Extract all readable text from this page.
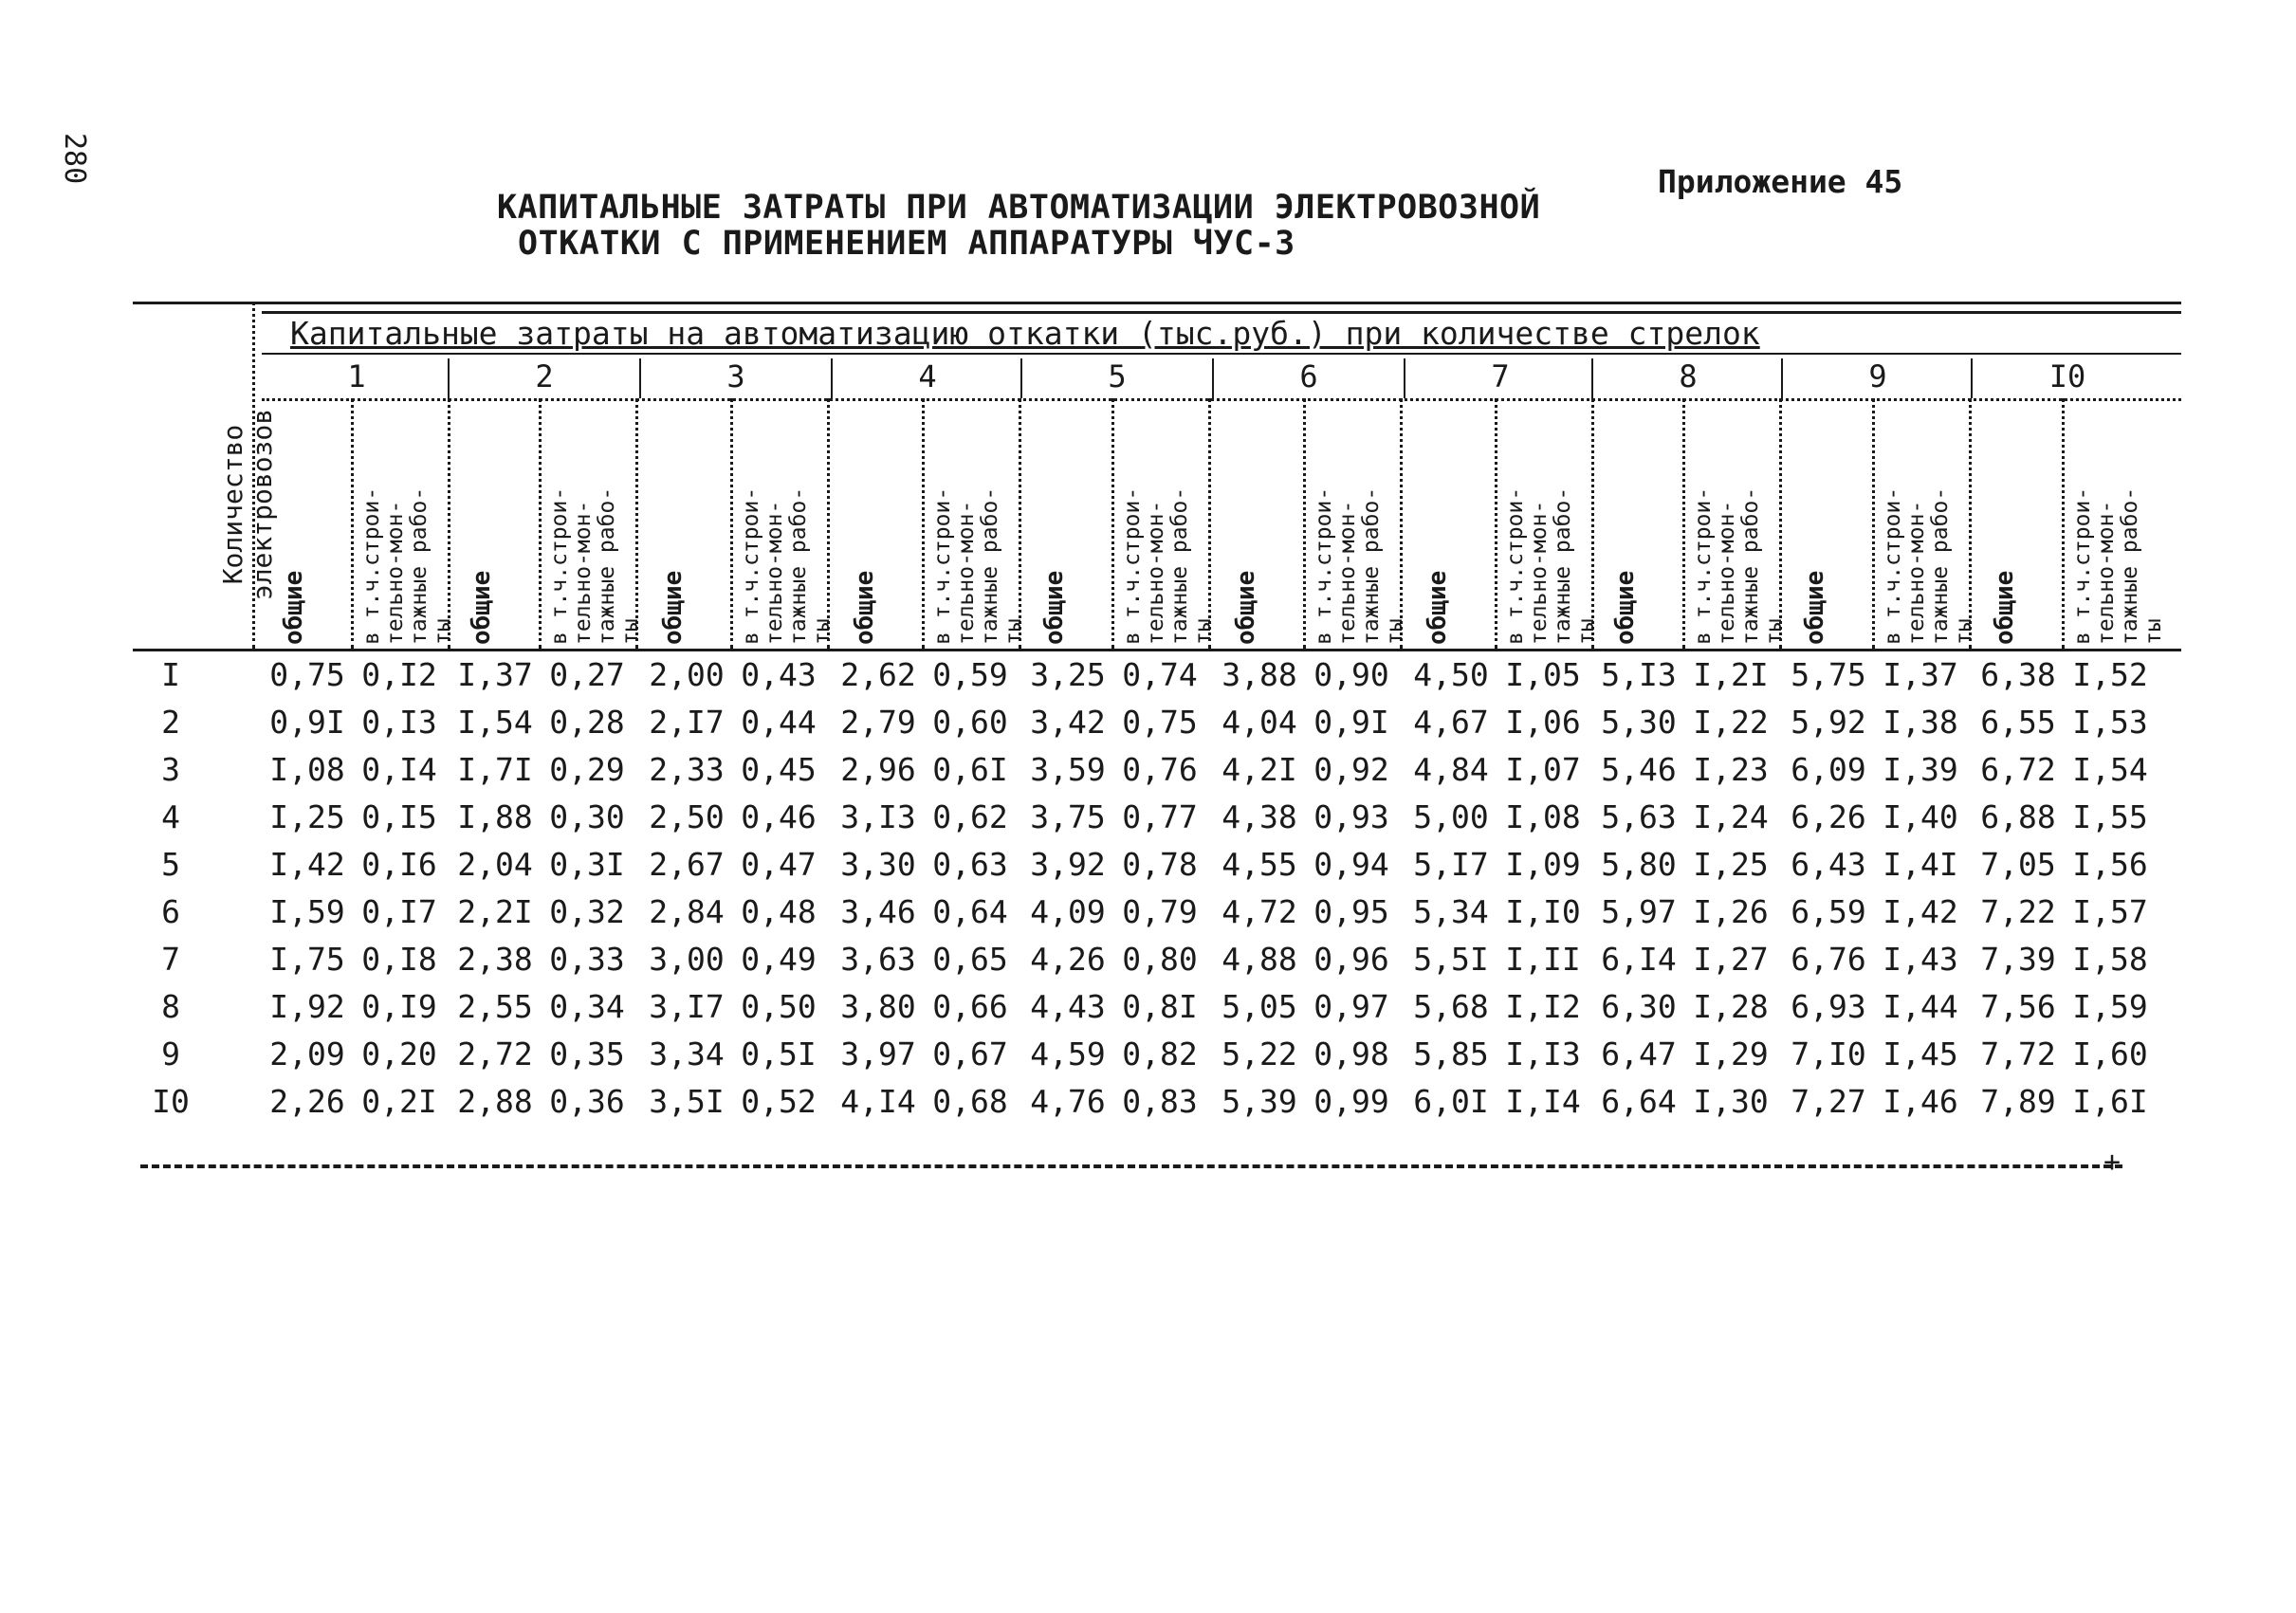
280	Приложение 45
КАПИТАЛЬНЫЕ ЗАТРАТЫ ПРИ АВТОМАТИЗАЦИИ ЭЛЕКТРОВОЗНОЙ
ОТКАТКИ С ПРИМЕНЕНИЕМ АППАРАТУРЫ ЧУС-3
Капитальные затраты на автоматизацию откатки (тыс.руб.) при количестве стрелок
Количество электровозов
1
общие в т.ч.строи- тельно-мон- тажные рабо- ты
2
общие в т.ч.строи- тельно-мон- тажные рабо- ты
3
общие в т.ч.строи- тельно-мон- тажные рабо- ты
4
общие в т.ч.строи- тельно-мон- тажные рабо- ты
5
общие в т.ч.строи- тельно-мон- тажные рабо- ты
6
общие в т.ч.строи- тельно-мон- тажные рабо- ты
7
общие в т.ч.строи- тельно-мон- тажные рабо- ты
8
общие в т.ч.строи- тельно-мон- тажные рабо- ты
9
общие в т.ч.строи- тельно-мон- тажные рабо- ты
I0
общие в т.ч.строи- тельно-мон- тажные рабо- ты
I	0,75 0,I2 I,37 0,27 2,00 0,43 2,62 0,59 3,25 0,74 3,88 0,90 4,50 I,05 5,I3 I,2I 5,75 I,37 6,38 I,52
2	0,9I 0,I3 I,54 0,28 2,I7 0,44 2,79 0,60 3,42 0,75 4,04 0,9I 4,67 I,06 5,30 I,22 5,92 I,38 6,55 I,53
3	I,08 0,I4 I,7I 0,29 2,33 0,45 2,96 0,6I 3,59 0,76 4,2I 0,92 4,84 I,07 5,46 I,23 6,09 I,39 6,72 I,54
4	I,25 0,I5 I,88 0,30 2,50 0,46 3,I3 0,62 3,75 0,77 4,38 0,93 5,00 I,08 5,63 I,24 6,26 I,40 6,88 I,55
5	I,42 0,I6 2,04 0,3I 2,67 0,47 3,30 0,63 3,92 0,78 4,55 0,94 5,I7 I,09 5,80 I,25 6,43 I,4I 7,05 I,56
6	I,59 0,I7 2,2I 0,32 2,84 0,48 3,46 0,64 4,09 0,79 4,72 0,95 5,34 I,I0 5,97 I,26 6,59 I,42 7,22 I,57
7	I,75 0,I8 2,38 0,33 3,00 0,49 3,63 0,65 4,26 0,80 4,88 0,96 5,5I I,II 6,I4 I,27 6,76 I,43 7,39 I,58
8	I,92 0,I9 2,55 0,34 3,I7 0,50 3,80 0,66 4,43 0,8I 5,05 0,97 5,68 I,I2 6,30 I,28 6,93 I,44 7,56 I,59
9	2,09 0,20 2,72 0,35 3,34 0,5I 3,97 0,67 4,59 0,82 5,22 0,98 5,85 I,I3 6,47 I,29 7,I0 I,45 7,72 I,60
I0	2,26 0,2I 2,88 0,36 3,5I 0,52 4,I4 0,68 4,76 0,83 5,39 0,99 6,0I I,I4 6,64 I,30 7,27 I,46 7,89 I,6I
+
